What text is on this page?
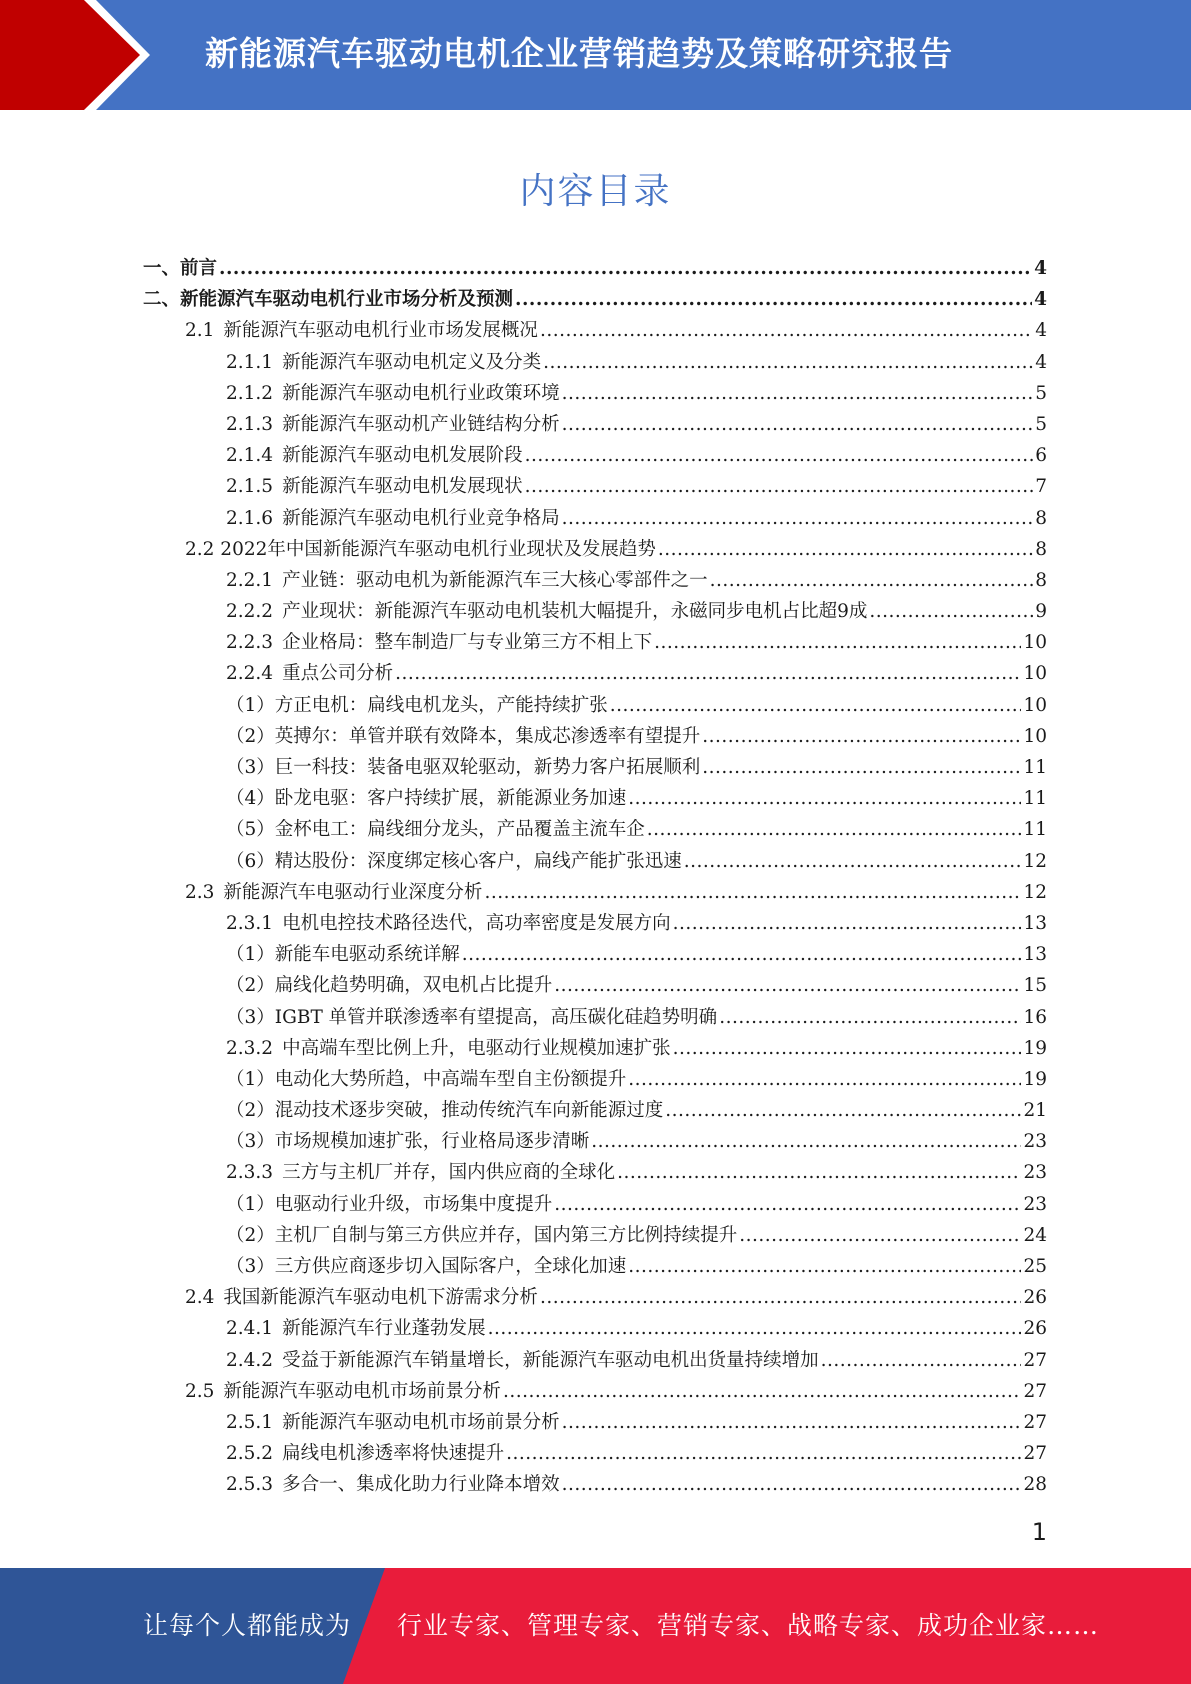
新能源汽车驱动电机企业营销趋势及策略研究报告
内容目录
一、前言 .....	4
二、新能源汽车驱动电机行业市场分析及预测 .....	4
2.1 新能源汽车驱动电机行业市场发展概况 .....	4
2.1.1 新能源汽车驱动电机定义及分类 .....	4
2.1.2 新能源汽车驱动电机行业政策环境 .....	5
2.1.3 新能源汽车驱动机产业链结构分析 .....	5
2.1.4 新能源汽车驱动电机发展阶段 .....	6
2.1.5 新能源汽车驱动电机发展现状 .....	7
2.1.6 新能源汽车驱动电机行业竞争格局 .....	8
2.2 2022年中国新能源汽车驱动电机行业现状及发展趋势 .....	8
2.2.1 产业链：驱动电机为新能源汽车三大核心零部件之一 .....	8
2.2.2 产业现状：新能源汽车驱动电机装机大幅提升，永磁同步电机占比超9成 .....	9
2.2.3 企业格局：整车制造厂与专业第三方不相上下 .....	10
2.2.4 重点公司分析 .....	10
（1）方正电机：扁线电机龙头，产能持续扩张 .....	10
（2）英搏尔：单管并联有效降本，集成芯渗透率有望提升 .....	10
（3）巨一科技：装备电驱双轮驱动，新势力客户拓展顺利 .....	11
（4）卧龙电驱：客户持续扩展，新能源业务加速 .....	11
（5）金杯电工：扁线细分龙头，产品覆盖主流车企 .....	11
（6）精达股份：深度绑定核心客户，扁线产能扩张迅速 .....	12
2.3 新能源汽车电驱动行业深度分析 .....	12
2.3.1 电机电控技术路径迭代，高功率密度是发展方向 .....	13
（1）新能车电驱动系统详解 .....	13
（2）扁线化趋势明确，双电机占比提升 .....	15
（3）IGBT 单管并联渗透率有望提高，高压碳化硅趋势明确 .....	16
2.3.2 中高端车型比例上升，电驱动行业规模加速扩张 .....	19
（1）电动化大势所趋，中高端车型自主份额提升 .....	19
（2）混动技术逐步突破，推动传统汽车向新能源过度 .....	21
（3）市场规模加速扩张，行业格局逐步清晰 .....	23
2.3.3 三方与主机厂并存，国内供应商的全球化 .....	23
（1）电驱动行业升级，市场集中度提升 .....	23
（2）主机厂自制与第三方供应并存，国内第三方比例持续提升 .....	24
（3）三方供应商逐步切入国际客户，全球化加速 .....	25
2.4 我国新能源汽车驱动电机下游需求分析 .....	26
2.4.1 新能源汽车行业蓬勃发展 .....	26
2.4.2 受益于新能源汽车销量增长，新能源汽车驱动电机出货量持续增加 .....	27
2.5 新能源汽车驱动电机市场前景分析 .....	27
2.5.1 新能源汽车驱动电机市场前景分析 .....	27
2.5.2 扁线电机渗透率将快速提升 .....	27
2.5.3 多合一、集成化助力行业降本增效 .....	28
1
让每个人都能成为 行业专家、管理专家、营销专家、战略专家、成功企业家……
